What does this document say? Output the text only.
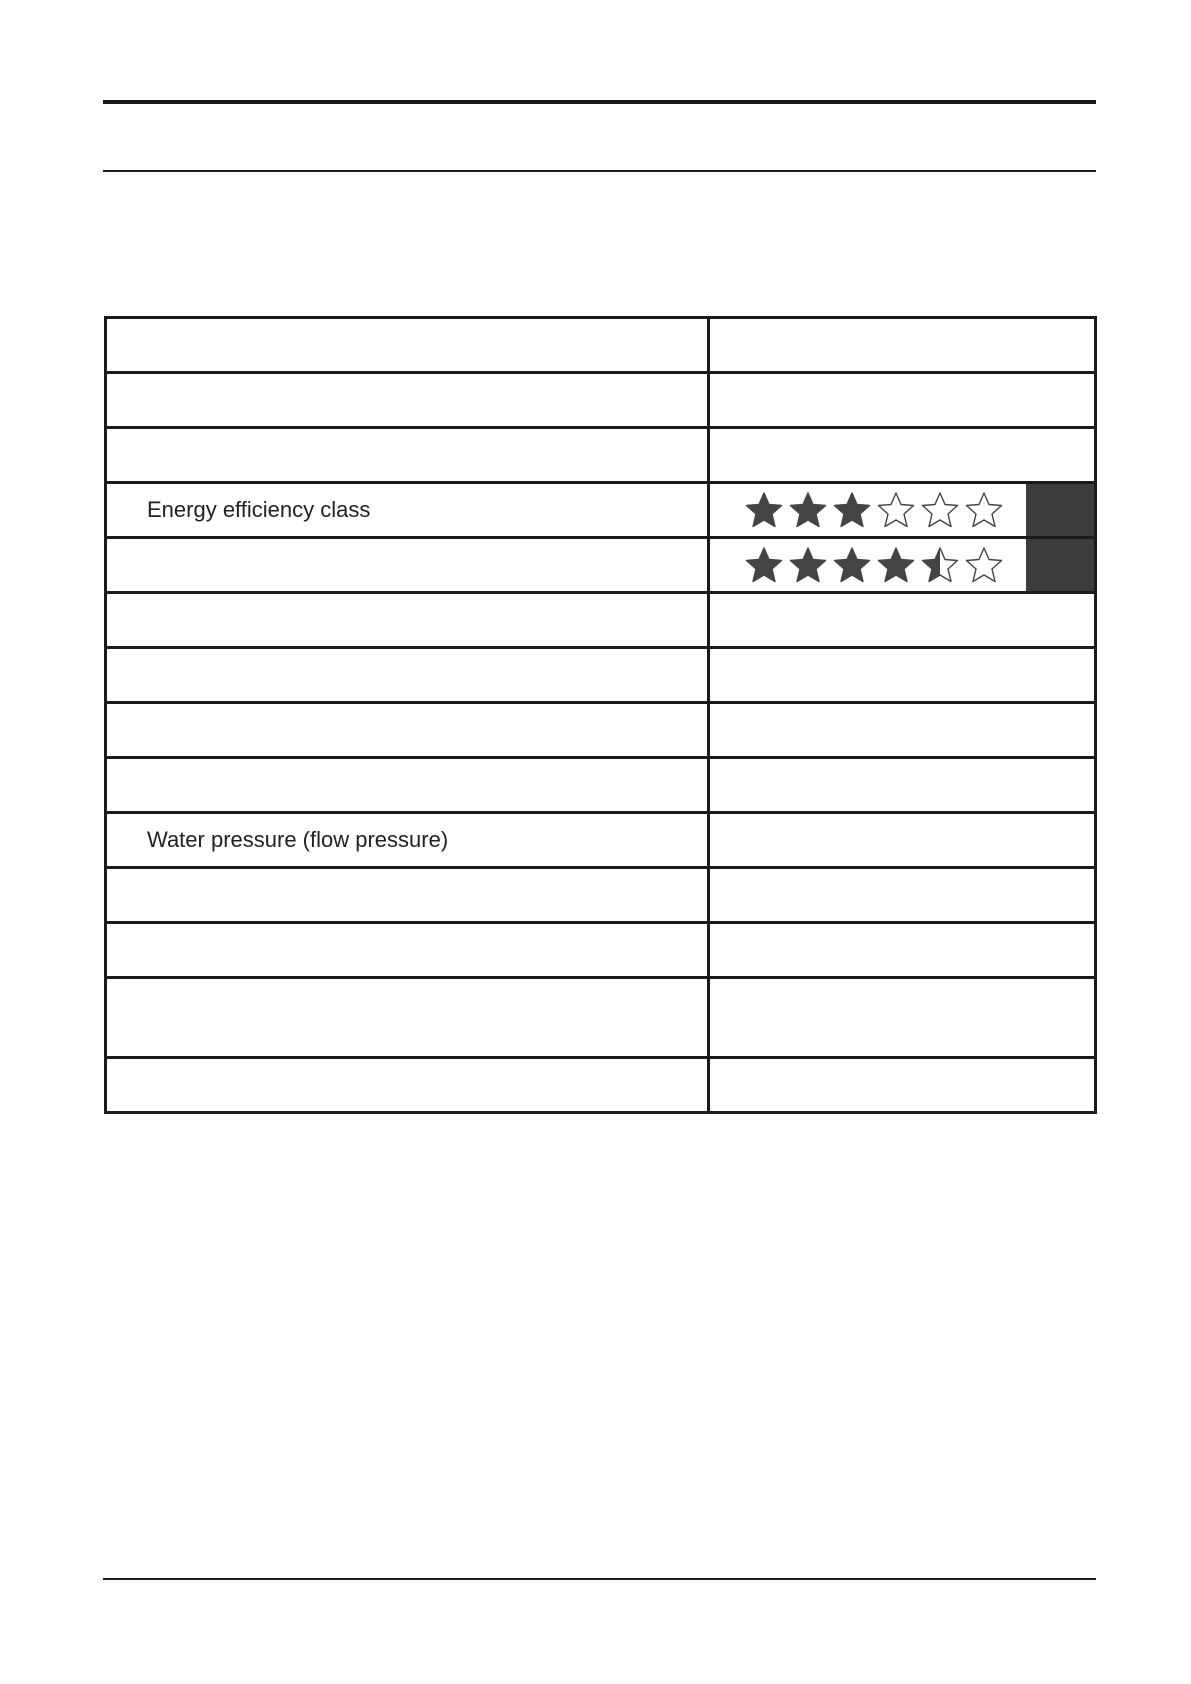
Energy efficiency class	

Water pressure (flow pressure)	
